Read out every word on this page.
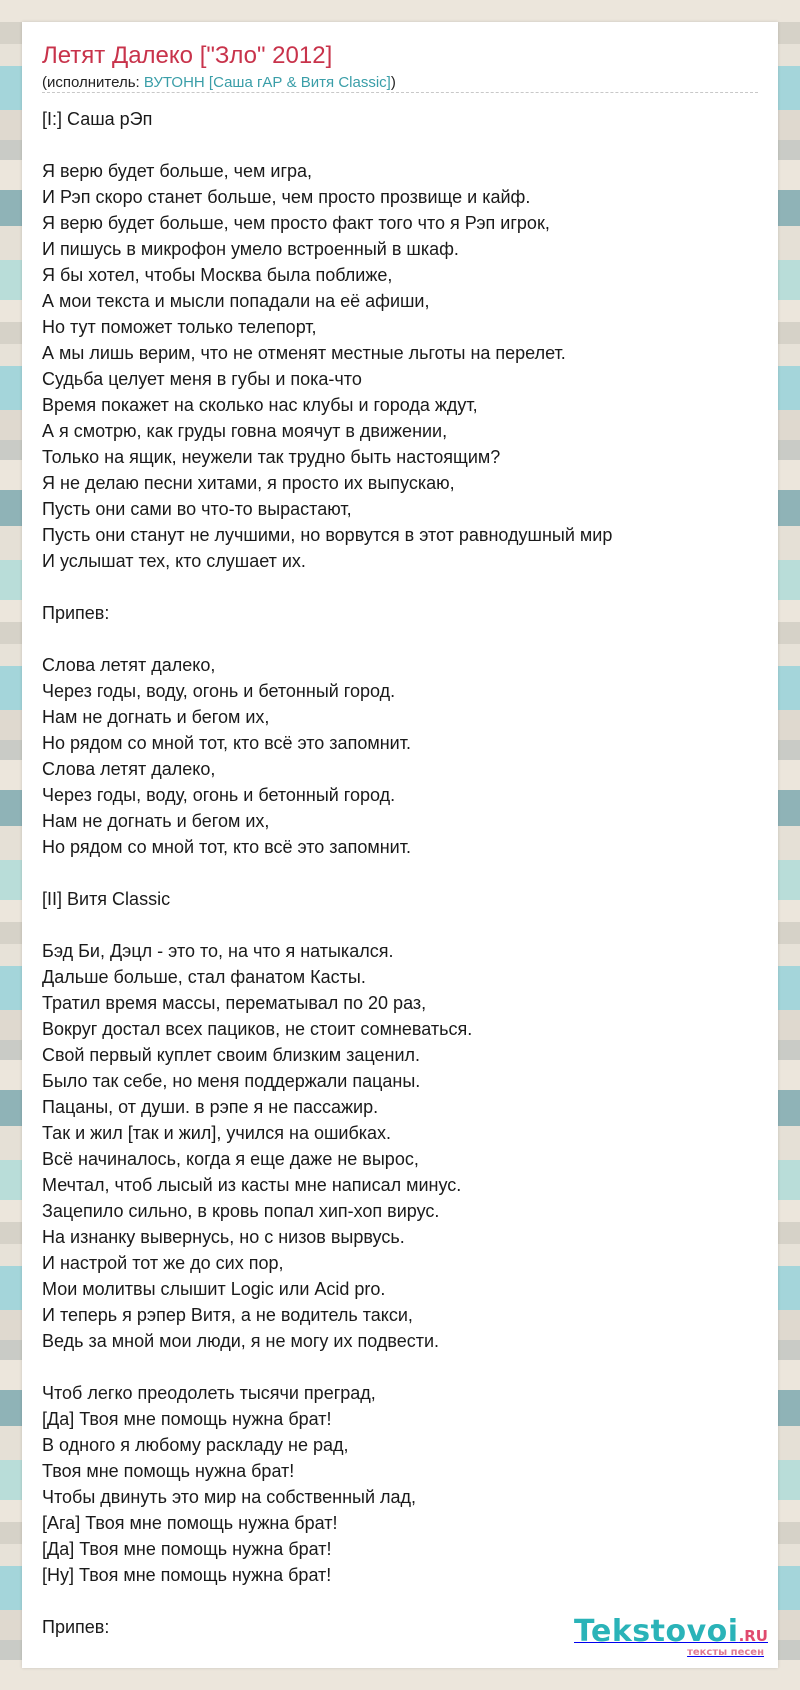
Летят Далеко ["Зло" 2012]
(исполнитель: ВУТОНН [Саша гАР & Витя Classic])
[I:] Саша рЭп
Я верю будет больше, чем игра,
И Рэп скоро станет больше, чем просто прозвище и кайф.
Я верю будет больше, чем просто факт того что я Рэп игрок,
И пишусь в микрофон умело встроенный в шкаф.
Я бы хотел, чтобы Москва была поближе,
А мои текста и мысли попадали на её афиши,
Но тут поможет только телепорт,
А мы лишь верим, что не отменят местные льготы на перелет.
Судьба целует меня в губы и пока-что
Время покажет на сколько нас клубы и города ждут,
А я смотрю, как груды говна моячут в движении,
Только на ящик, неужели так трудно быть настоящим?
Я не делаю песни хитами, я просто их выпускаю,
Пусть они сами во что-то вырастают,
Пусть они станут не лучшими, но ворвутся в этот равнодушный мир
И услышат тех, кто слушает их.
Припев:
Слова летят далеко,
Через годы, воду, огонь и бетонный город.
Нам не догнать и бегом их,
Но рядом со мной тот, кто всё это запомнит.
Слова летят далеко,
Через годы, воду, огонь и бетонный город.
Нам не догнать и бегом их,
Но рядом со мной тот, кто всё это запомнит.
[II] Витя Classic
Бэд Би, Дэцл - это то, на что я натыкался.
Дальше больше, стал фанатом Касты.
Тратил время массы, перематывал по 20 раз,
Вокруг достал всех пациков, не стоит сомневаться.
Свой первый куплет своим близким заценил.
Было так себе, но меня поддержали пацаны.
Пацаны, от души. в рэпе я не пассажир.
Так и жил [так и жил], учился на ошибках.
Всё начиналось, когда я еще даже не вырос,
Мечтал, чтоб лысый из касты мне написал минус.
Зацепило сильно, в кровь попал хип-хоп вирус.
На изнанку вывернусь, но с низов вырвусь.
И настрой тот же до сих пор,
Мои молитвы слышит Logic или Acid pro.
И теперь я рэпер Витя, а не водитель такси,
Ведь за мной мои люди, я не могу их подвести.
Чтоб легко преодолеть тысячи преград,
[Да] Твоя мне помощь нужна брат!
В одного я любому раскладу не рад,
Твоя мне помощь нужна брат!
Чтобы двинуть это мир на собственный лад,
[Ага] Твоя мне помощь нужна брат!
[Да] Твоя мне помощь нужна брат!
[Ну] Твоя мне помощь нужна брат!
Припев:	Tekstovoi.RU
тексты песен
